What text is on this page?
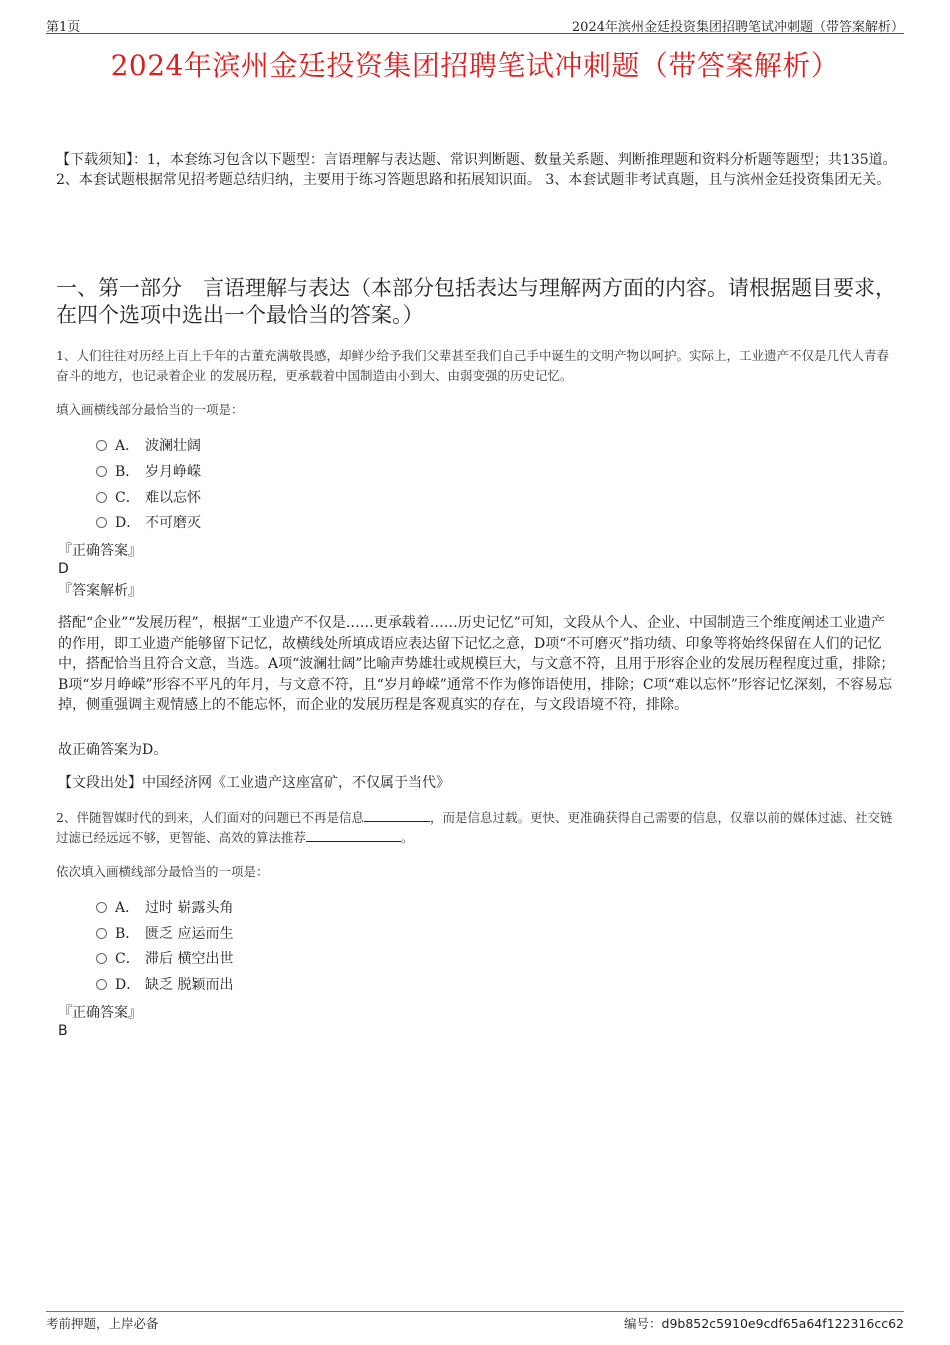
第1页	2024年滨州金廷投资集团招聘笔试冲刺题（带答案解析）
2024年滨州金廷投资集团招聘笔试冲刺题（带答案解析）
【下载须知】：1，本套练习包含以下题型：言语理解与表达题、常识判断题、数量关系题、判断推理题和资料分析题等题型；共135道。 2、本套试题根据常见招考题总结归纳，主要用于练习答题思路和拓展知识面。 3、本套试题非考试真题，且与滨州金廷投资集团无关。
一、第一部分　言语理解与表达（本部分包括表达与理解两方面的内容。请根据题目要求，在四个选项中选出一个最恰当的答案。）
1、人们往往对历经上百上千年的古董充满敬畏感，却鲜少给予我们父辈甚至我们自己手中诞生的文明产物以呵护。实际上，工业遗产不仅是几代人青春奋斗的地方，也记录着企业 的发展历程，更承载着中国制造由小到大、由弱变强的历史记忆。
填入画横线部分最恰当的一项是：
A． 波澜壮阔
B． 岁月峥嵘
C． 难以忘怀
D． 不可磨灭
『正确答案』
D
『答案解析』
搭配“企业”“发展历程”，根据“工业遗产不仅是……更承载着……历史记忆”可知，文段从个人、企业、中国制造三个维度阐述工业遗产的作用，即工业遗产能够留下记忆，故横线处所填成语应表达留下记忆之意，D项“不可磨灭”指功绩、印象等将始终保留在人们的记忆中，搭配恰当且符合文意，当选。A项“波澜壮阔”比喻声势雄壮或规模巨大，与文意不符，且用于形容企业的发展历程程度过重，排除；B项“岁月峥嵘”形容不平凡的年月，与文意不符，且“岁月峥嵘”通常不作为修饰语使用，排除；C项“难以忘怀”形容记忆深刻，不容易忘掉，侧重强调主观情感上的不能忘怀，而企业的发展历程是客观真实的存在，与文段语境不符，排除。
故正确答案为D。
【文段出处】中国经济网《工业遗产这座富矿，不仅属于当代》
2、伴随智媒时代的到来，人们面对的问题已不再是信息	，而是信息过载。更快、更准确获得自己需要的信息，仅靠以前的媒体过滤、社交链过滤已经远远不够，更智能、高效的算法推荐	。
依次填入画横线部分最恰当的一项是：
A． 过时 崭露头角
B． 匮乏 应运而生
C． 滞后 横空出世
D． 缺乏 脱颖而出
『正确答案』
B
考前押题，上岸必备	编号：d9b852c5910e9cdf65a64f122316cc62
